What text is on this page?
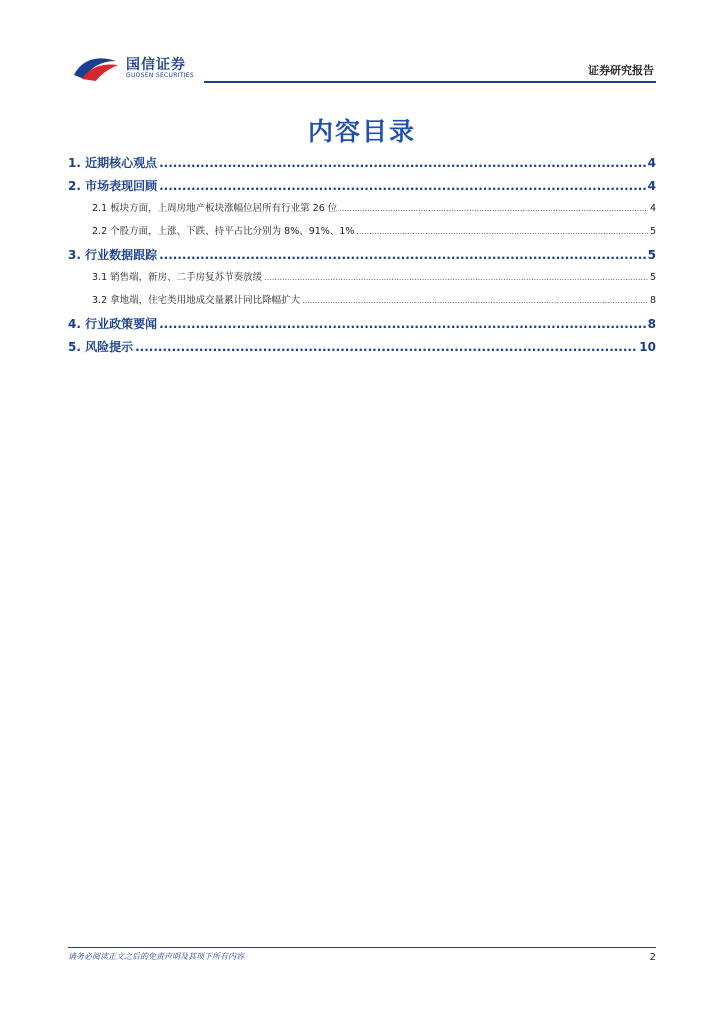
国信证券
GUOSEN SECURITIES	证券研究报告
内容目录
1. 近期核心观点 .....	4
2. 市场表现回顾 .....	4
2.1 板块方面，上周房地产板块涨幅位居所有行业第 26 位 .....	4
2.2 个股方面，上涨、下跌、持平占比分别为 8%、91%、1% .....	5
3. 行业数据跟踪 .....	5
3.1 销售端，新房、二手房复苏节奏放缓 .....	5
3.2 拿地端，住宅类用地成交量累计同比降幅扩大 .....	8
4. 行业政策要闻 .....	8
5. 风险提示 .....	10
请务必阅读正文之后的免责声明及其项下所有内容	2
